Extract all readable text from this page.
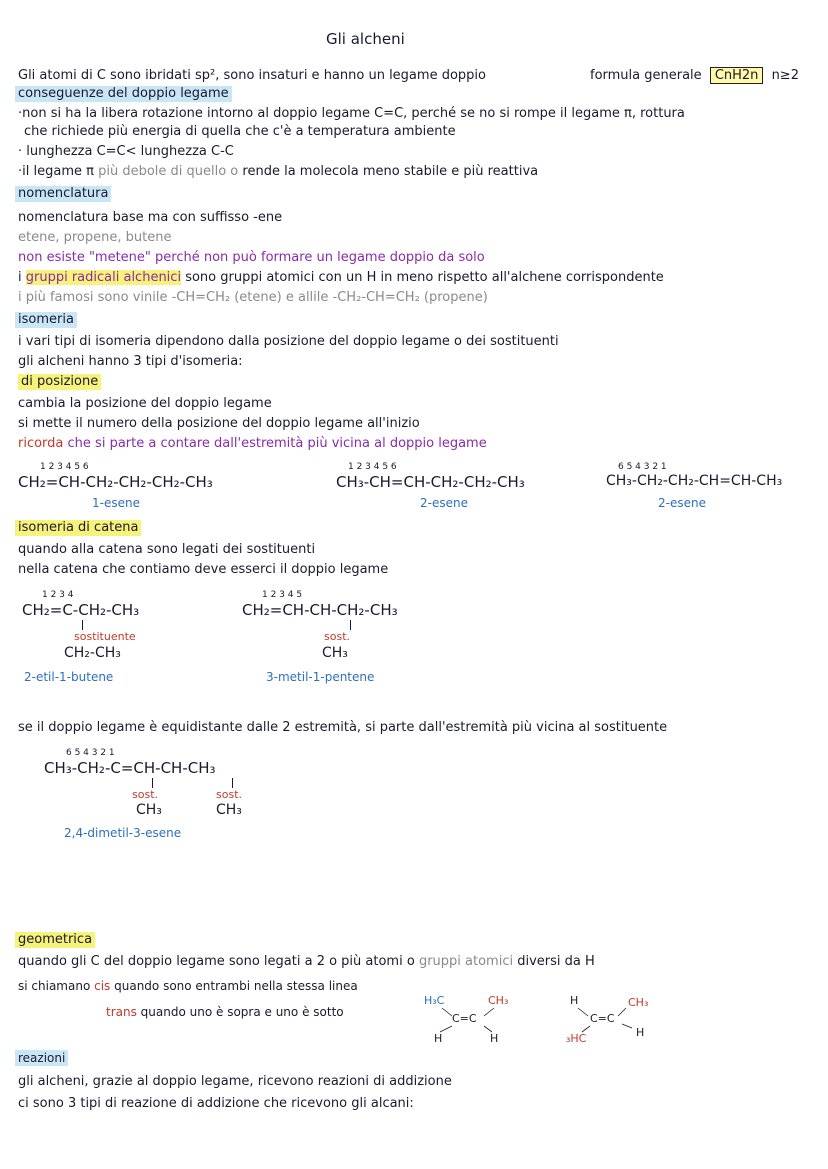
Gli alcheni
Gli atomi di C sono ibridati sp², sono insaturi e hanno un legame doppio	formula generale CnH2n n≥2
conseguenze del doppio legame
·non si ha la libera rotazione intorno al doppio legame C=C, perché se no si rompe il legame π, rottura
che richiede più energia di quella che c'è a temperatura ambiente
· lunghezza C=C< lunghezza C-C
·il legame π più debole di quello o rende la molecola meno stabile e più reattiva
nomenclatura
nomenclatura base ma con suffisso -ene
etene, propene, butene
non esiste "metene" perché non può formare un legame doppio da solo
i gruppi radicali alchenici sono gruppi atomici con un H in meno rispetto all'alchene corrispondente
i più famosi sono vinile -CH=CH₂ (etene) e allile -CH₂-CH=CH₂ (propene)
isomeria
i vari tipi di isomeria dipendono dalla posizione del doppio legame o dei sostituenti
gli alcheni hanno 3 tipi d'isomeria:
di posizione
cambia la posizione del doppio legame
si mette il numero della posizione del doppio legame all'inizio
ricorda che si parte a contare dall'estremità più vicina al doppio legame
1 2 3 4 5 6
CH₂=CH-CH₂-CH₂-CH₂-CH₃
1-esene
1 2 3 4 5 6
CH₃-CH=CH-CH₂-CH₂-CH₃
2-esene
6 5 4 3 2 1
CH₃-CH₂-CH₂-CH=CH-CH₃
2-esene
isomeria di catena
quando alla catena sono legati dei sostituenti
nella catena che contiamo deve esserci il doppio legame
1 2 3 4
CH₂=C-CH₂-CH₃
sostituente
CH₂-CH₃
2-etil-1-butene
1 2 3 4 5
CH₂=CH-CH-CH₂-CH₃
sost.
CH₃
3-metil-1-pentene
se il doppio legame è equidistante dalle 2 estremità, si parte dall'estremità più vicina al sostituente
6 5 4 3 2 1
CH₃-CH₂-C=CH-CH-CH₃
sost.	sost.
CH₃	CH₃
2,4-dimetil-3-esene
geometrica
quando gli C del doppio legame sono legati a 2 o più atomi o gruppi atomici diversi da H
si chiamano cis quando sono entrambi nella stessa linea
trans quando uno è sopra e uno è sotto
H₃C	CH₃
C=C
H	H
H	CH₃
C=C
₃HC	H
reazioni
gli alcheni, grazie al doppio legame, ricevono reazioni di addizione
ci sono 3 tipi di reazione di addizione che ricevono gli alcani:
